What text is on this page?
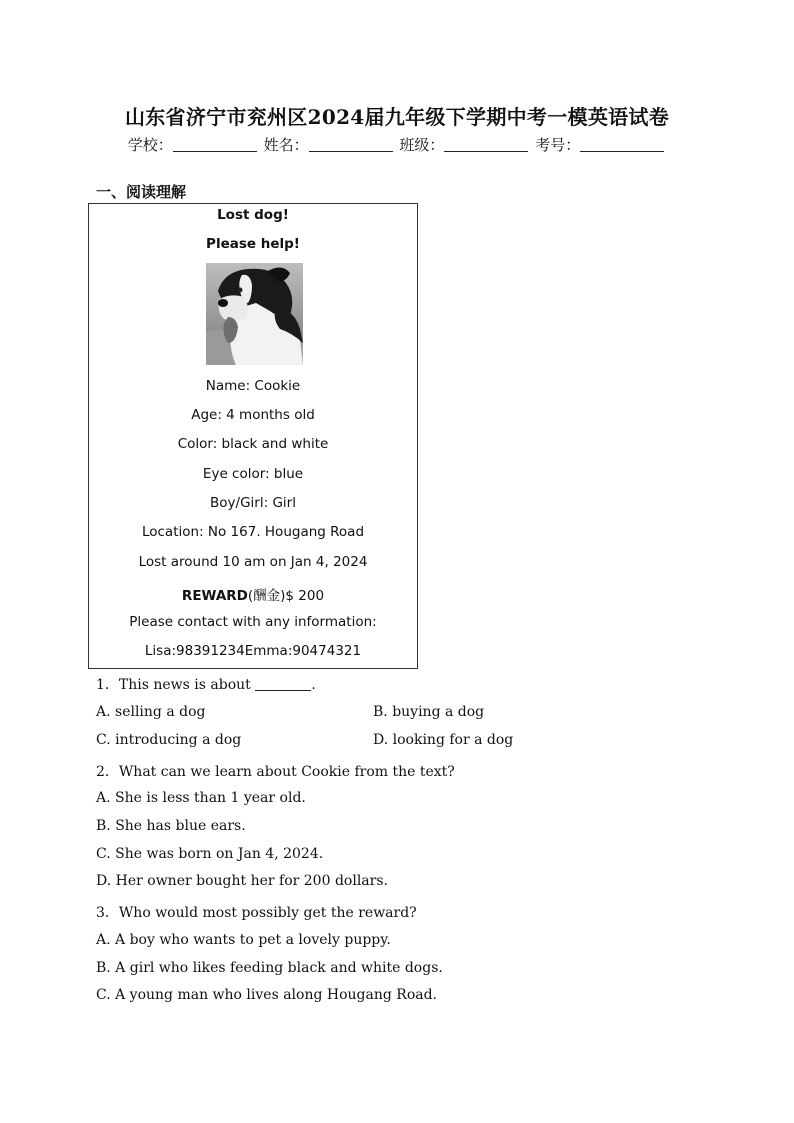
山东省济宁市兖州区2024届九年级下学期中考一模英语试卷
学校：	姓名：	班级：	考号：
一、阅读理解
Lost dog!
Please help!
Name: Cookie
Age: 4 months old
Color: black and white
Eye color: blue
Boy/Girl: Girl
Location: No 167. Hougang Road
Lost around 10 am on Jan 4, 2024
REWARD(酬金)$ 200
Please contact with any information:
Lisa:98391234Emma:90474321
1．This news is about	.
A. selling a dog	B. buying a dog
C. introducing a dog	D. looking for a dog
2．What can we learn about Cookie from the text?
A. She is less than 1 year old.
B. She has blue ears.
C. She was born on Jan 4, 2024.
D. Her owner bought her for 200 dollars.
3．Who would most possibly get the reward?
A. A boy who wants to pet a lovely puppy.
B. A girl who likes feeding black and white dogs.
C. A young man who lives along Hougang Road.
